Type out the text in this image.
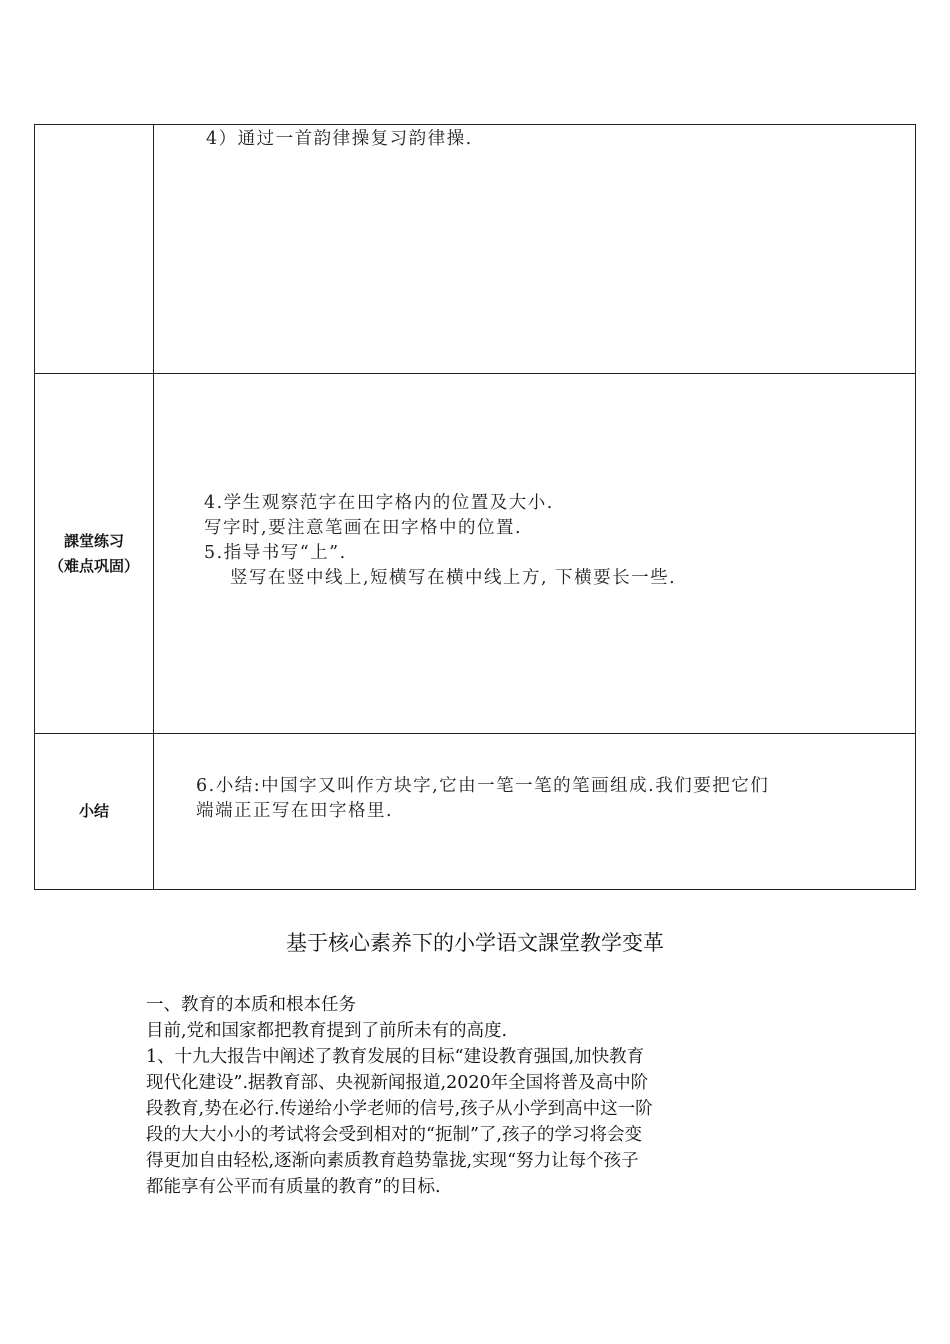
	4）通过一首韵律操复习韵律操.

課堂练习
（难点巩固）	4.学生观察范字在田字格内的位置及大小.
写字时,要注意笔画在田字格中的位置.
5.指导书写“上”.
竖写在竖中线上,短横写在横中线上方, 下横要长一些.

小结	6.小结:中国字又叫作方块字,它由一笔一笔的笔画组成.我们要把它们
端端正正写在田字格里.
基于核心素养下的小学语文課堂教学变革

一、教育的本质和根本任务

目前,党和国家都把教育提到了前所未有的高度.

1、十九大报告中阐述了教育发展的目标“建设教育强国,加快教育

现代化建设”.据教育部、央视新闻报道,2020年全国将普及高中阶

段教育,势在必行.传递给小学老师的信号,孩子从小学到高中这一阶

段的大大小小的考试将会受到相对的“扼制”了,孩子的学习将会变

得更加自由轻松,逐渐向素质教育趋势靠拢,实现“努力让每个孩子

都能享有公平而有质量的教育”的目标.
